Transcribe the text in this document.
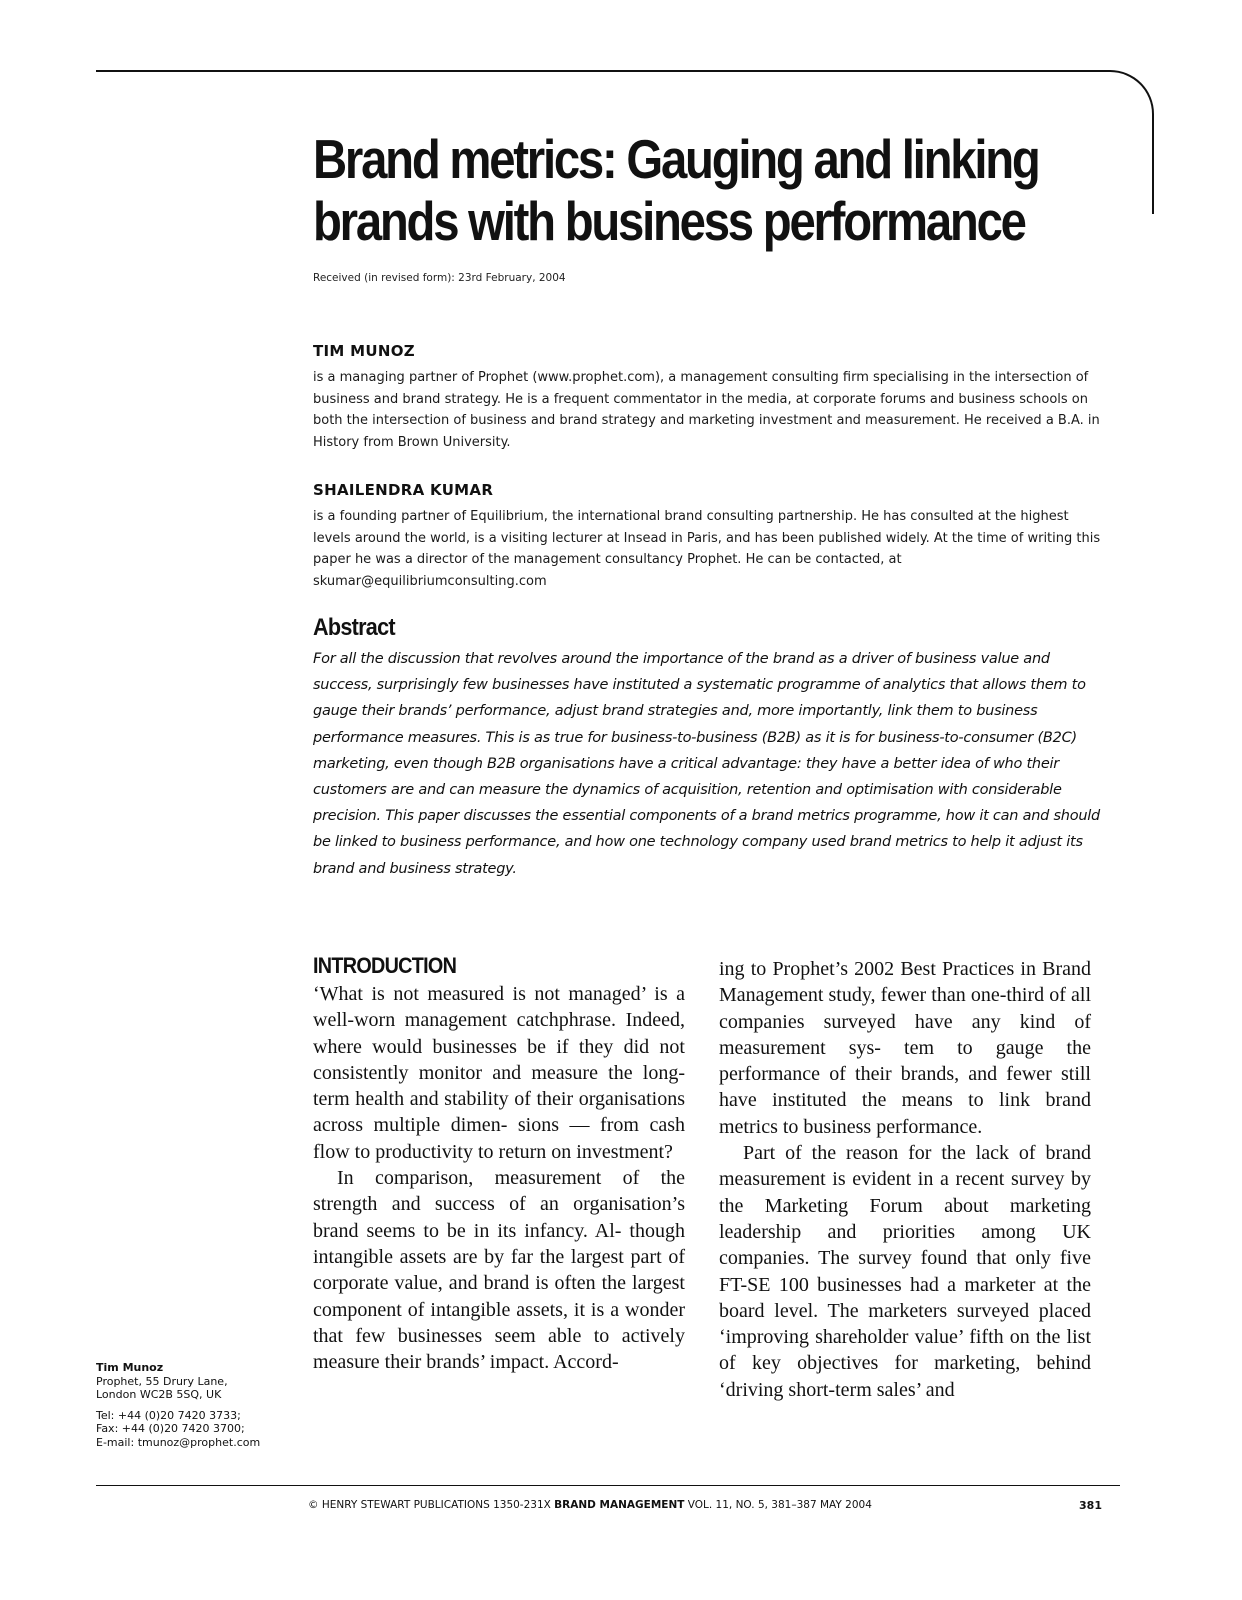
Brand metrics: Gauging and linking
brands with business performance
Received (in revised form): 23rd February, 2004
TIM MUNOZ

is a managing partner of Prophet (www.prophet.com), a management consulting firm specialising in the intersection of business and brand strategy. He is a frequent commentator in the media, at corporate forums and business schools on both the intersection of business and brand strategy and marketing investment and measurement. He received a B.A. in History from Brown University.

SHAILENDRA KUMAR

is a founding partner of Equilibrium, the international brand consulting partnership. He has consulted at the highest levels around the world, is a visiting lecturer at Insead in Paris, and has been published widely. At the time of writing this paper he was a director of the management consultancy Prophet. He can be contacted, at skumar@equilibriumconsulting.com

Abstract

For all the discussion that revolves around the importance of the brand as a driver of business value and success, surprisingly few businesses have instituted a systematic programme of analytics that allows them to gauge their brands’ performance, adjust brand strategies and, more importantly, link them to business performance measures. This is as true for business-to-business (B2B) as it is for business-to-consumer (B2C) marketing, even though B2B organisations have a critical advantage: they have a better idea of who their customers are and can measure the dynamics of acquisition, retention and optimisation with considerable precision. This paper discusses the essential components of a brand metrics programme, how it can and should be linked to business performance, and how one technology company used brand metrics to help it adjust its brand and business strategy.

INTRODUCTION

‘What is not measured is not managed’ is a well-worn management catchphrase. Indeed, where would businesses be if they did not consistently monitor and measure the long-term health and stability of their organisations across multiple dimen- sions — from cash flow to productivity to return on investment?

In comparison, measurement of the strength and success of an organisation’s brand seems to be in its infancy. Al- though intangible assets are by far the largest part of corporate value, and brand is often the largest component of intangible assets, it is a wonder that few businesses seem able to actively measure their brands’ impact. Accord-

ing to Prophet’s 2002 Best Practices in Brand Management study, fewer than one-third of all companies surveyed have any kind of measurement sys- tem to gauge the performance of their brands, and fewer still have instituted the means to link brand metrics to business performance.

Part of the reason for the lack of brand measurement is evident in a recent survey by the Marketing Forum about marketing leadership and priorities among UK companies. The survey found that only five FT-SE 100 businesses had a marketer at the board level. The marketers surveyed placed ‘improving shareholder value’ fifth on the list of key objectives for marketing, behind ‘driving short-term sales’ and

Tim Munoz
Prophet, 55 Drury Lane,
London WC2B 5SQ, UK
Tel: +44 (0)20 7420 3733;
Fax: +44 (0)20 7420 3700;
E-mail: tmunoz@prophet.com
© HENRY STEWART PUBLICATIONS 1350-231X BRAND MANAGEMENT VOL. 11, NO. 5, 381–387 MAY 2004	381
